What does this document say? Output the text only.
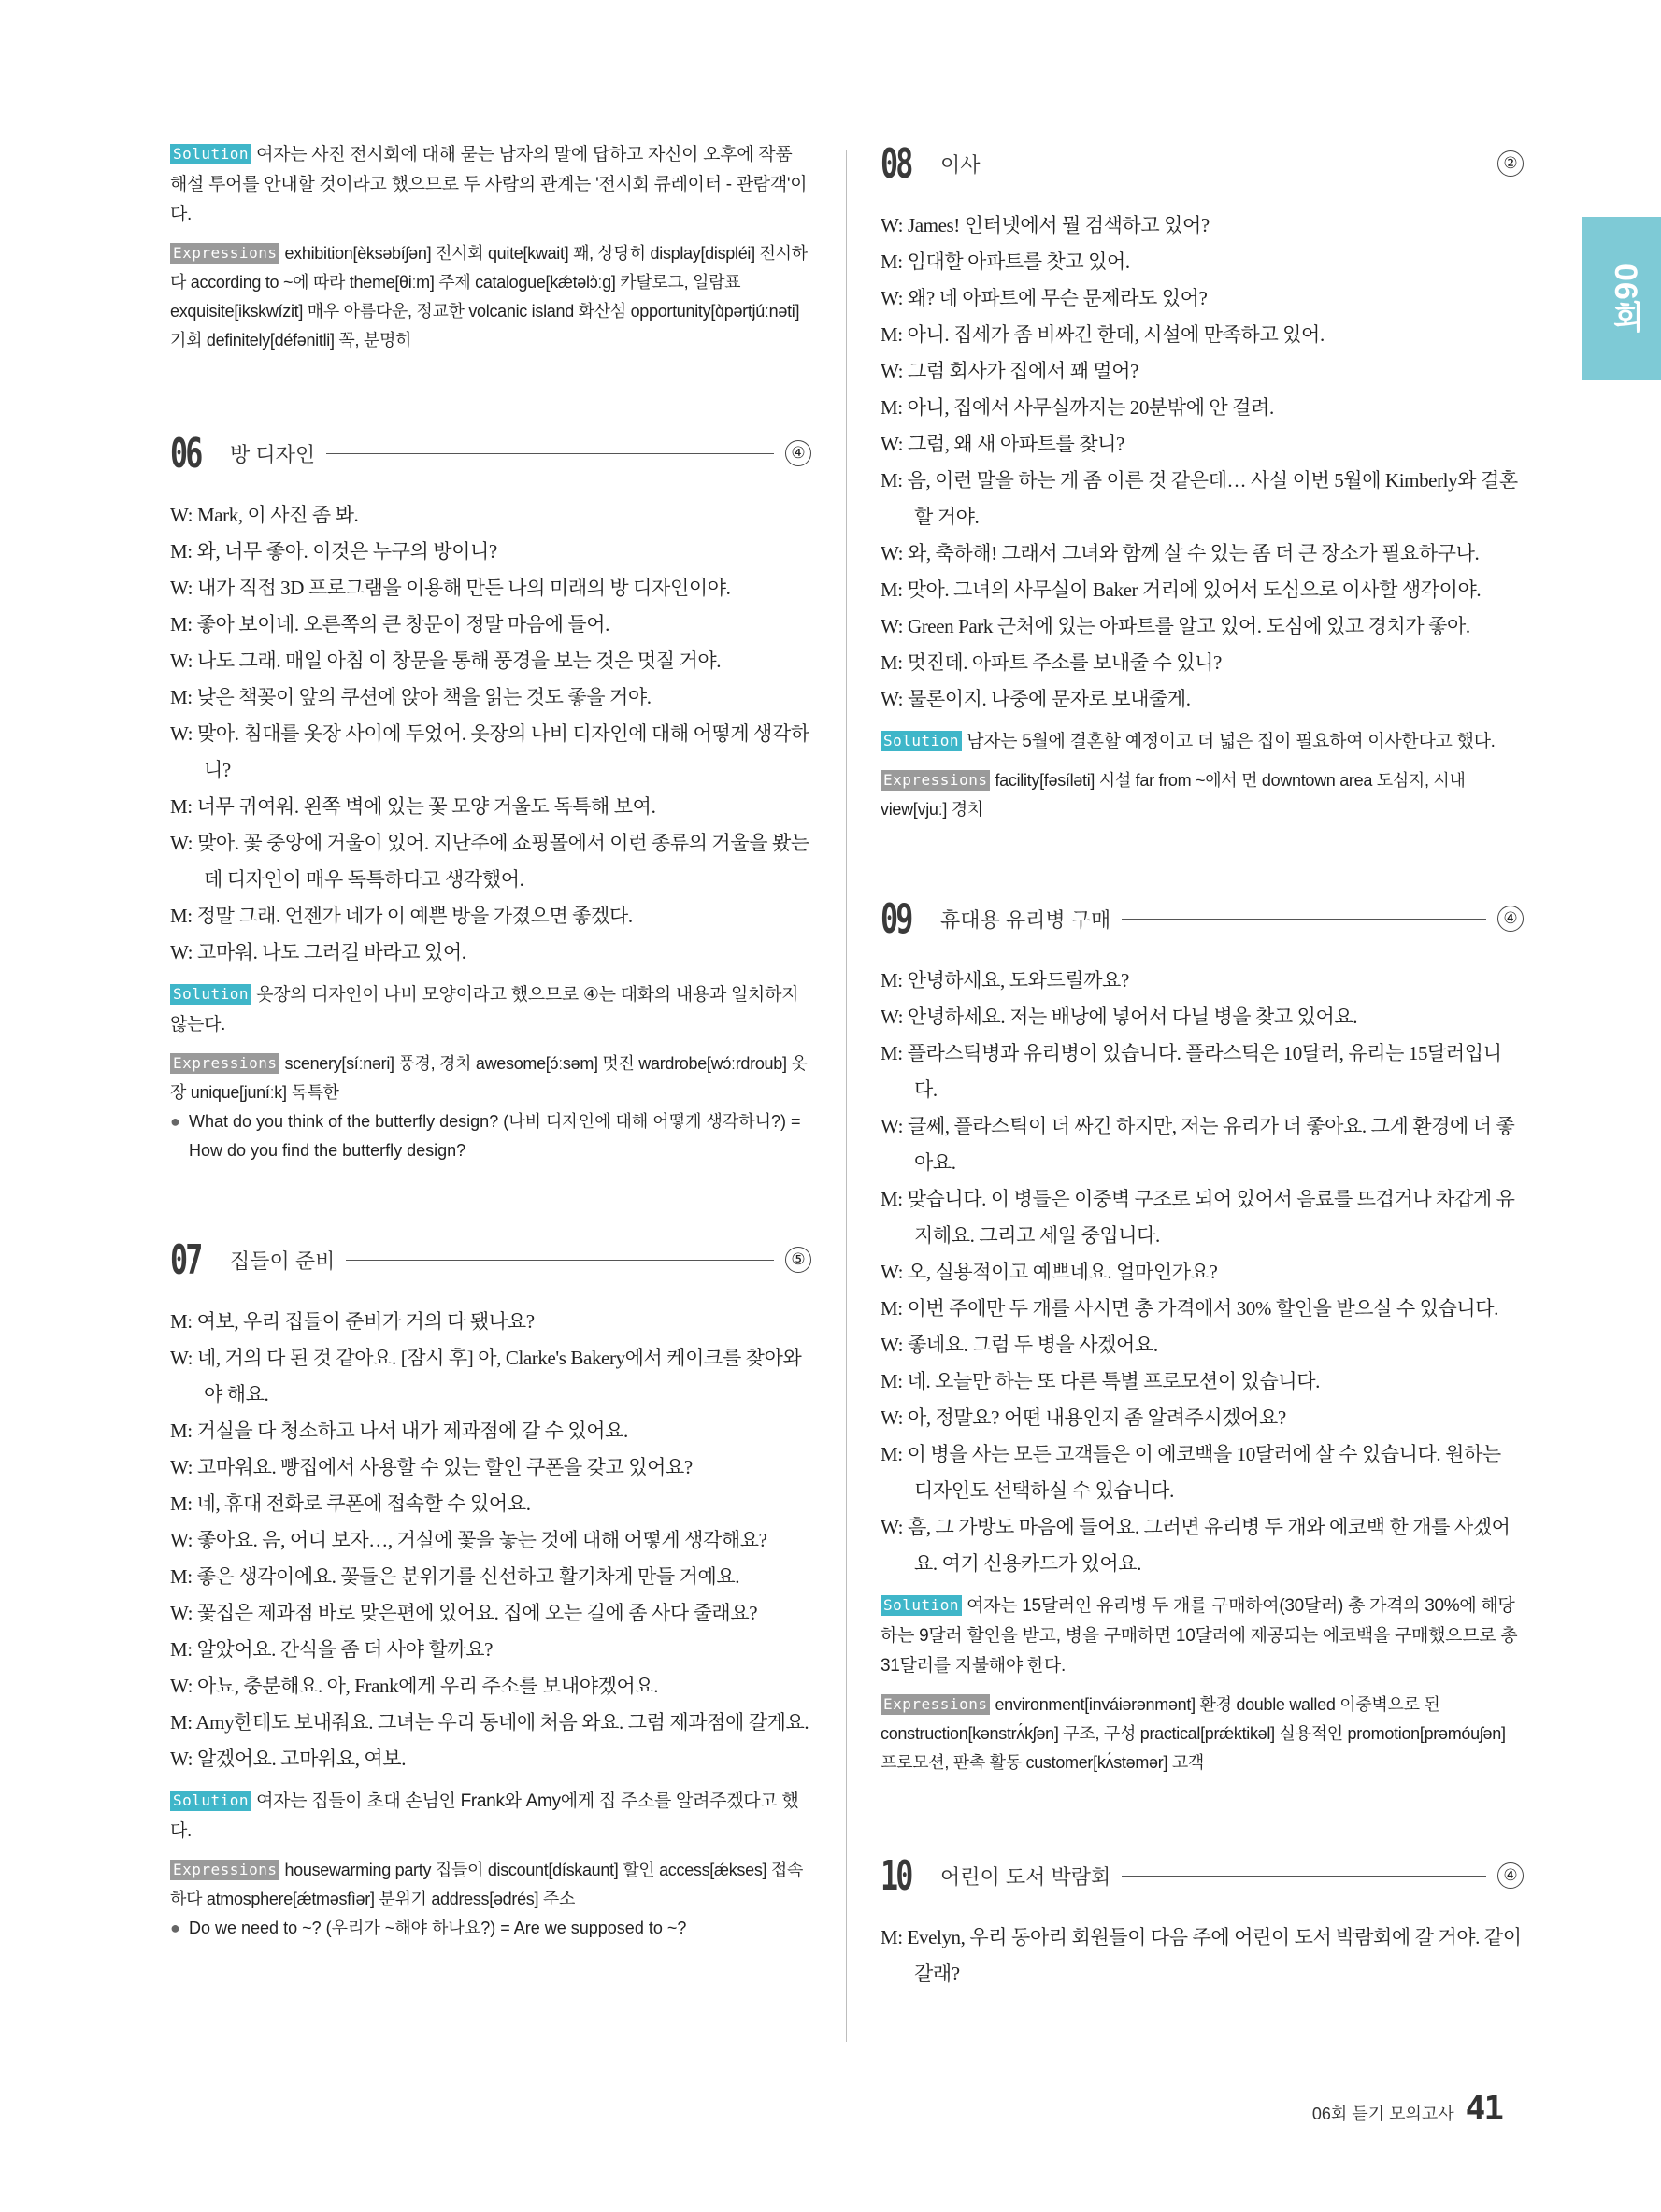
06회

Solution 여자는 사진 전시회에 대해 묻는 남자의 말에 답하고 자신이 오후에 작품 해설 투어를 안내할 것이라고 했으므로 두 사람의 관계는 '전시회 큐레이터 - 관람객'이다.

Expressions exhibition[èksəbíʃən] 전시회 quite[kwait] 꽤, 상당히 display[displéi] 전시하다 according to ~에 따라 theme[θiːm] 주제 catalogue[kǽtəlɔ̀ːg] 카탈로그, 일람표 exquisite[ikskwízit] 매우 아름다운, 정교한 volcanic island 화산섬 opportunity[ɑ̀pərtjúːnəti] 기회 definitely[défənitli] 꼭, 분명히

06	방 디자인	④

W: Mark, 이 사진 좀 봐.

M: 와, 너무 좋아. 이것은 누구의 방이니?

W: 내가 직접 3D 프로그램을 이용해 만든 나의 미래의 방 디자인이야.

M: 좋아 보이네. 오른쪽의 큰 창문이 정말 마음에 들어.

W: 나도 그래. 매일 아침 이 창문을 통해 풍경을 보는 것은 멋질 거야.

M: 낮은 책꽂이 앞의 쿠션에 앉아 책을 읽는 것도 좋을 거야.

W: 맞아. 침대를 옷장 사이에 두었어. 옷장의 나비 디자인에 대해 어떻게 생각하니?

M: 너무 귀여워. 왼쪽 벽에 있는 꽃 모양 거울도 독특해 보여.

W: 맞아. 꽃 중앙에 거울이 있어. 지난주에 쇼핑몰에서 이런 종류의 거울을 봤는데 디자인이 매우 독특하다고 생각했어.

M: 정말 그래. 언젠가 네가 이 예쁜 방을 가졌으면 좋겠다.

W: 고마워. 나도 그러길 바라고 있어.

Solution 옷장의 디자인이 나비 모양이라고 했으므로 ④는 대화의 내용과 일치하지 않는다.

Expressions scenery[síːnəri] 풍경, 경치 awesome[ɔ́ːsəm] 멋진 wardrobe[wɔ́ːrdroub] 옷장 unique[juníːk] 독특한

● What do you think of the butterfly design? (나비 디자인에 대해 어떻게 생각하니?) = How do you find the butterfly design?

07	집들이 준비	⑤

M: 여보, 우리 집들이 준비가 거의 다 됐나요?

W: 네, 거의 다 된 것 같아요. [잠시 후] 아, Clarke's Bakery에서 케이크를 찾아와야 해요.

M: 거실을 다 청소하고 나서 내가 제과점에 갈 수 있어요.

W: 고마워요. 빵집에서 사용할 수 있는 할인 쿠폰을 갖고 있어요?

M: 네, 휴대 전화로 쿠폰에 접속할 수 있어요.

W: 좋아요. 음, 어디 보자…, 거실에 꽃을 놓는 것에 대해 어떻게 생각해요?

M: 좋은 생각이에요. 꽃들은 분위기를 신선하고 활기차게 만들 거예요.

W: 꽃집은 제과점 바로 맞은편에 있어요. 집에 오는 길에 좀 사다 줄래요?

M: 알았어요. 간식을 좀 더 사야 할까요?

W: 아뇨, 충분해요. 아, Frank에게 우리 주소를 보내야겠어요.

M: Amy한테도 보내줘요. 그녀는 우리 동네에 처음 와요. 그럼 제과점에 갈게요.

W: 알겠어요. 고마워요, 여보.

Solution 여자는 집들이 초대 손님인 Frank와 Amy에게 집 주소를 알려주겠다고 했다.

Expressions housewarming party 집들이 discount[dískaunt] 할인 access[ǽkses] 접속하다 atmosphere[ǽtməsfìər] 분위기 address[ədrés] 주소

● Do we need to ~? (우리가 ~해야 하나요?) = Are we supposed to ~?

08	이사	②

W: James! 인터넷에서 뭘 검색하고 있어?

M: 임대할 아파트를 찾고 있어.

W: 왜? 네 아파트에 무슨 문제라도 있어?

M: 아니. 집세가 좀 비싸긴 한데, 시설에 만족하고 있어.

W: 그럼 회사가 집에서 꽤 멀어?

M: 아니, 집에서 사무실까지는 20분밖에 안 걸려.

W: 그럼, 왜 새 아파트를 찾니?

M: 음, 이런 말을 하는 게 좀 이른 것 같은데… 사실 이번 5월에 Kimberly와 결혼할 거야.

W: 와, 축하해! 그래서 그녀와 함께 살 수 있는 좀 더 큰 장소가 필요하구나.

M: 맞아. 그녀의 사무실이 Baker 거리에 있어서 도심으로 이사할 생각이야.

W: Green Park 근처에 있는 아파트를 알고 있어. 도심에 있고 경치가 좋아.

M: 멋진데. 아파트 주소를 보내줄 수 있니?

W: 물론이지. 나중에 문자로 보내줄게.

Solution 남자는 5월에 결혼할 예정이고 더 넓은 집이 필요하여 이사한다고 했다.

Expressions facility[fəsíləti] 시설 far from ~에서 먼 downtown area 도심지, 시내 view[vjuː] 경치

09	휴대용 유리병 구매	④

M: 안녕하세요, 도와드릴까요?

W: 안녕하세요. 저는 배낭에 넣어서 다닐 병을 찾고 있어요.

M: 플라스틱병과 유리병이 있습니다. 플라스틱은 10달러, 유리는 15달러입니다.

W: 글쎄, 플라스틱이 더 싸긴 하지만, 저는 유리가 더 좋아요. 그게 환경에 더 좋아요.

M: 맞습니다. 이 병들은 이중벽 구조로 되어 있어서 음료를 뜨겁거나 차갑게 유지해요. 그리고 세일 중입니다.

W: 오, 실용적이고 예쁘네요. 얼마인가요?

M: 이번 주에만 두 개를 사시면 총 가격에서 30% 할인을 받으실 수 있습니다.

W: 좋네요. 그럼 두 병을 사겠어요.

M: 네. 오늘만 하는 또 다른 특별 프로모션이 있습니다.

W: 아, 정말요? 어떤 내용인지 좀 알려주시겠어요?

M: 이 병을 사는 모든 고객들은 이 에코백을 10달러에 살 수 있습니다. 원하는 디자인도 선택하실 수 있습니다.

W: 흠, 그 가방도 마음에 들어요. 그러면 유리병 두 개와 에코백 한 개를 사겠어요. 여기 신용카드가 있어요.

Solution 여자는 15달러인 유리병 두 개를 구매하여(30달러) 총 가격의 30%에 해당하는 9달러 할인을 받고, 병을 구매하면 10달러에 제공되는 에코백을 구매했으므로 총 31달러를 지불해야 한다.

Expressions environment[inváiərənmənt] 환경 double walled 이중벽으로 된 construction[kənstrʌ́kʃən] 구조, 구성 practical[prǽktikəl] 실용적인 promotion[prəmóuʃən] 프로모션, 판촉 활동 customer[kʌ́stəmər] 고객

10	어린이 도서 박람회	④

M: Evelyn, 우리 동아리 회원들이 다음 주에 어린이 도서 박람회에 갈 거야. 같이 갈래?

06회 듣기 모의고사 41
